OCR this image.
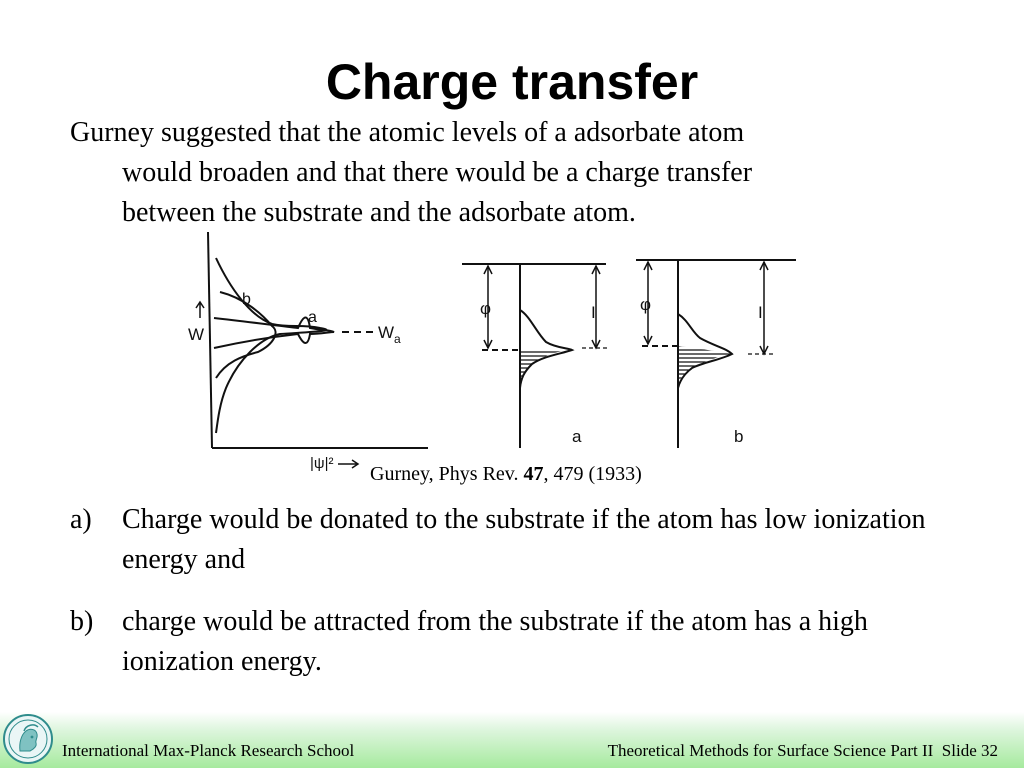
Charge transfer
Gurney suggested that the atomic levels of a adsorbate atom
would broaden and that there would be a charge transfer
between the substrate and the adsorbate atom.
W
b
a
$W_a$
|ψ|²
φ	I
a
φ	I
b
Gurney, Phys Rev. 47, 479 (1933)
a) Charge would be donated to the substrate if the atom has low ionization energy and
b) charge would be attracted from the substrate if the atom has a high ionization energy.
International Max-Planck Research School	Theoretical Methods for Surface Science Part II  Slide 32
